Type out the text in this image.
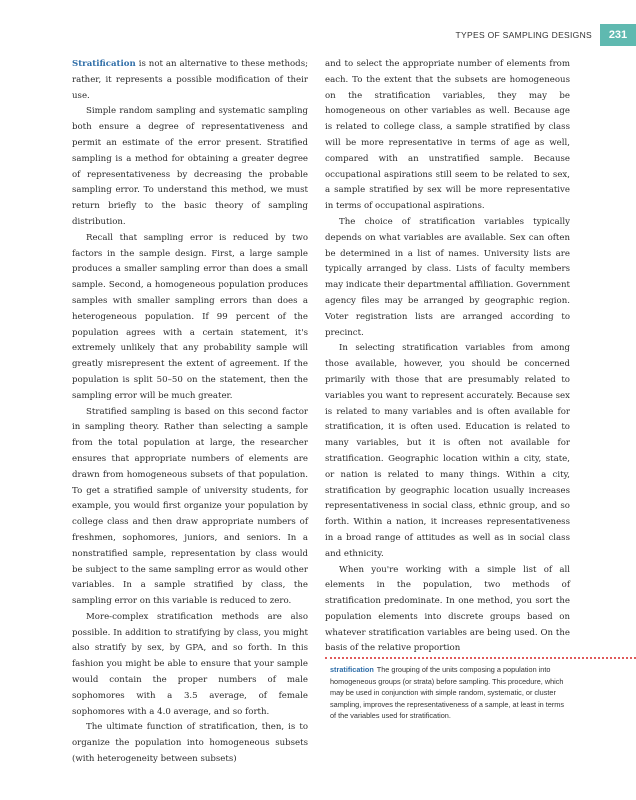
TYPES OF SAMPLING DESIGNS	231

Stratification is not an alternative to these methods; rather, it represents a possible modification of their use.

Simple random sampling and systematic sampling both ensure a degree of representativeness and permit an estimate of the error present. Stratified sampling is a method for obtaining a greater degree of representativeness by decreasing the probable sampling error. To understand this method, we must return briefly to the basic theory of sampling distribution.

Recall that sampling error is reduced by two factors in the sample design. First, a large sample produces a smaller sampling error than does a small sample. Second, a homogeneous population produces samples with smaller sampling errors than does a heterogeneous population. If 99 percent of the population agrees with a certain statement, it's extremely unlikely that any probability sample will greatly misrepresent the extent of agreement. If the population is split 50–50 on the statement, then the sampling error will be much greater.

Stratified sampling is based on this second factor in sampling theory. Rather than selecting a sample from the total population at large, the researcher ensures that appropriate numbers of elements are drawn from homogeneous subsets of that population. To get a stratified sample of university students, for example, you would first organize your population by college class and then draw appropriate numbers of freshmen, sophomores, juniors, and seniors. In a nonstratified sample, representation by class would be subject to the same sampling error as would other variables. In a sample stratified by class, the sampling error on this variable is reduced to zero.

More-complex stratification methods are also possible. In addition to stratifying by class, you might also stratify by sex, by GPA, and so forth. In this fashion you might be able to ensure that your sample would contain the proper numbers of male sophomores with a 3.5 average, of female sophomores with a 4.0 average, and so forth.

The ultimate function of stratification, then, is to organize the population into homogeneous subsets (with heterogeneity between subsets)

and to select the appropriate number of elements from each. To the extent that the subsets are homogeneous on the stratification variables, they may be homogeneous on other variables as well. Because age is related to college class, a sample stratified by class will be more representative in terms of age as well, compared with an unstratified sample. Because occupational aspirations still seem to be related to sex, a sample stratified by sex will be more representative in terms of occupational aspirations.

The choice of stratification variables typically depends on what variables are available. Sex can often be determined in a list of names. University lists are typically arranged by class. Lists of faculty members may indicate their departmental affiliation. Government agency files may be arranged by geographic region. Voter registration lists are arranged according to precinct.

In selecting stratification variables from among those available, however, you should be concerned primarily with those that are presumably related to variables you want to represent accurately. Because sex is related to many variables and is often available for stratification, it is often used. Education is related to many variables, but it is often not available for stratification. Geographic location within a city, state, or nation is related to many things. Within a city, stratification by geographic location usually increases representativeness in social class, ethnic group, and so forth. Within a nation, it increases representativeness in a broad range of attitudes as well as in social class and ethnicity.

When you're working with a simple list of all elements in the population, two methods of stratification predominate. In one method, you sort the population elements into discrete groups based on whatever stratification variables are being used. On the basis of the relative proportion

stratification The grouping of the units composing a population into homogeneous groups (or strata) before sampling. This procedure, which may be used in conjunction with simple random, systematic, or cluster sampling, improves the representativeness of a sample, at least in terms of the variables used for stratification.
